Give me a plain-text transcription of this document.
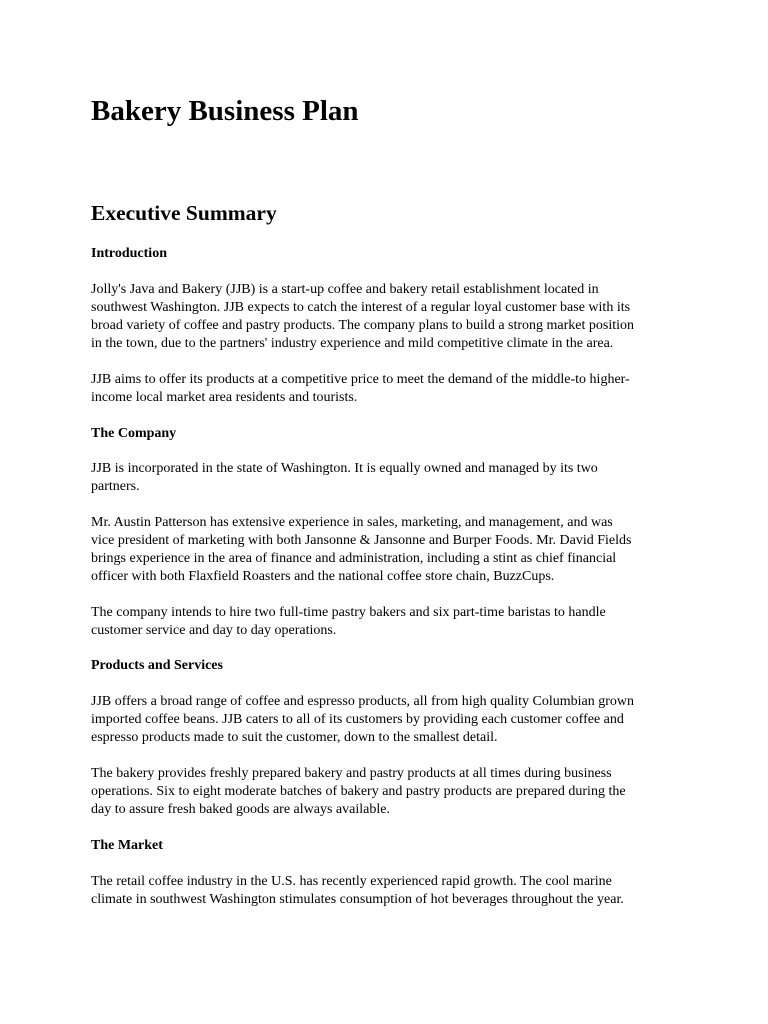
Bakery Business Plan
Executive Summary
Introduction

Jolly's Java and Bakery (JJB) is a start-up coffee and bakery retail establishment located in
southwest Washington. JJB expects to catch the interest of a regular loyal customer base with its
broad variety of coffee and pastry products. The company plans to build a strong market position
in the town, due to the partners' industry experience and mild competitive climate in the area.

JJB aims to offer its products at a competitive price to meet the demand of the middle-to higher-
income local market area residents and tourists.

The Company

JJB is incorporated in the state of Washington. It is equally owned and managed by its two
partners.

Mr. Austin Patterson has extensive experience in sales, marketing, and management, and was
vice president of marketing with both Jansonne & Jansonne and Burper Foods. Mr. David Fields
brings experience in the area of finance and administration, including a stint as chief financial
officer with both Flaxfield Roasters and the national coffee store chain, BuzzCups.

The company intends to hire two full-time pastry bakers and six part-time baristas to handle
customer service and day to day operations.

Products and Services

JJB offers a broad range of coffee and espresso products, all from high quality Columbian grown
imported coffee beans. JJB caters to all of its customers by providing each customer coffee and
espresso products made to suit the customer, down to the smallest detail.

The bakery provides freshly prepared bakery and pastry products at all times during business
operations. Six to eight moderate batches of bakery and pastry products are prepared during the
day to assure fresh baked goods are always available.

The Market

The retail coffee industry in the U.S. has recently experienced rapid growth. The cool marine
climate in southwest Washington stimulates consumption of hot beverages throughout the year.
